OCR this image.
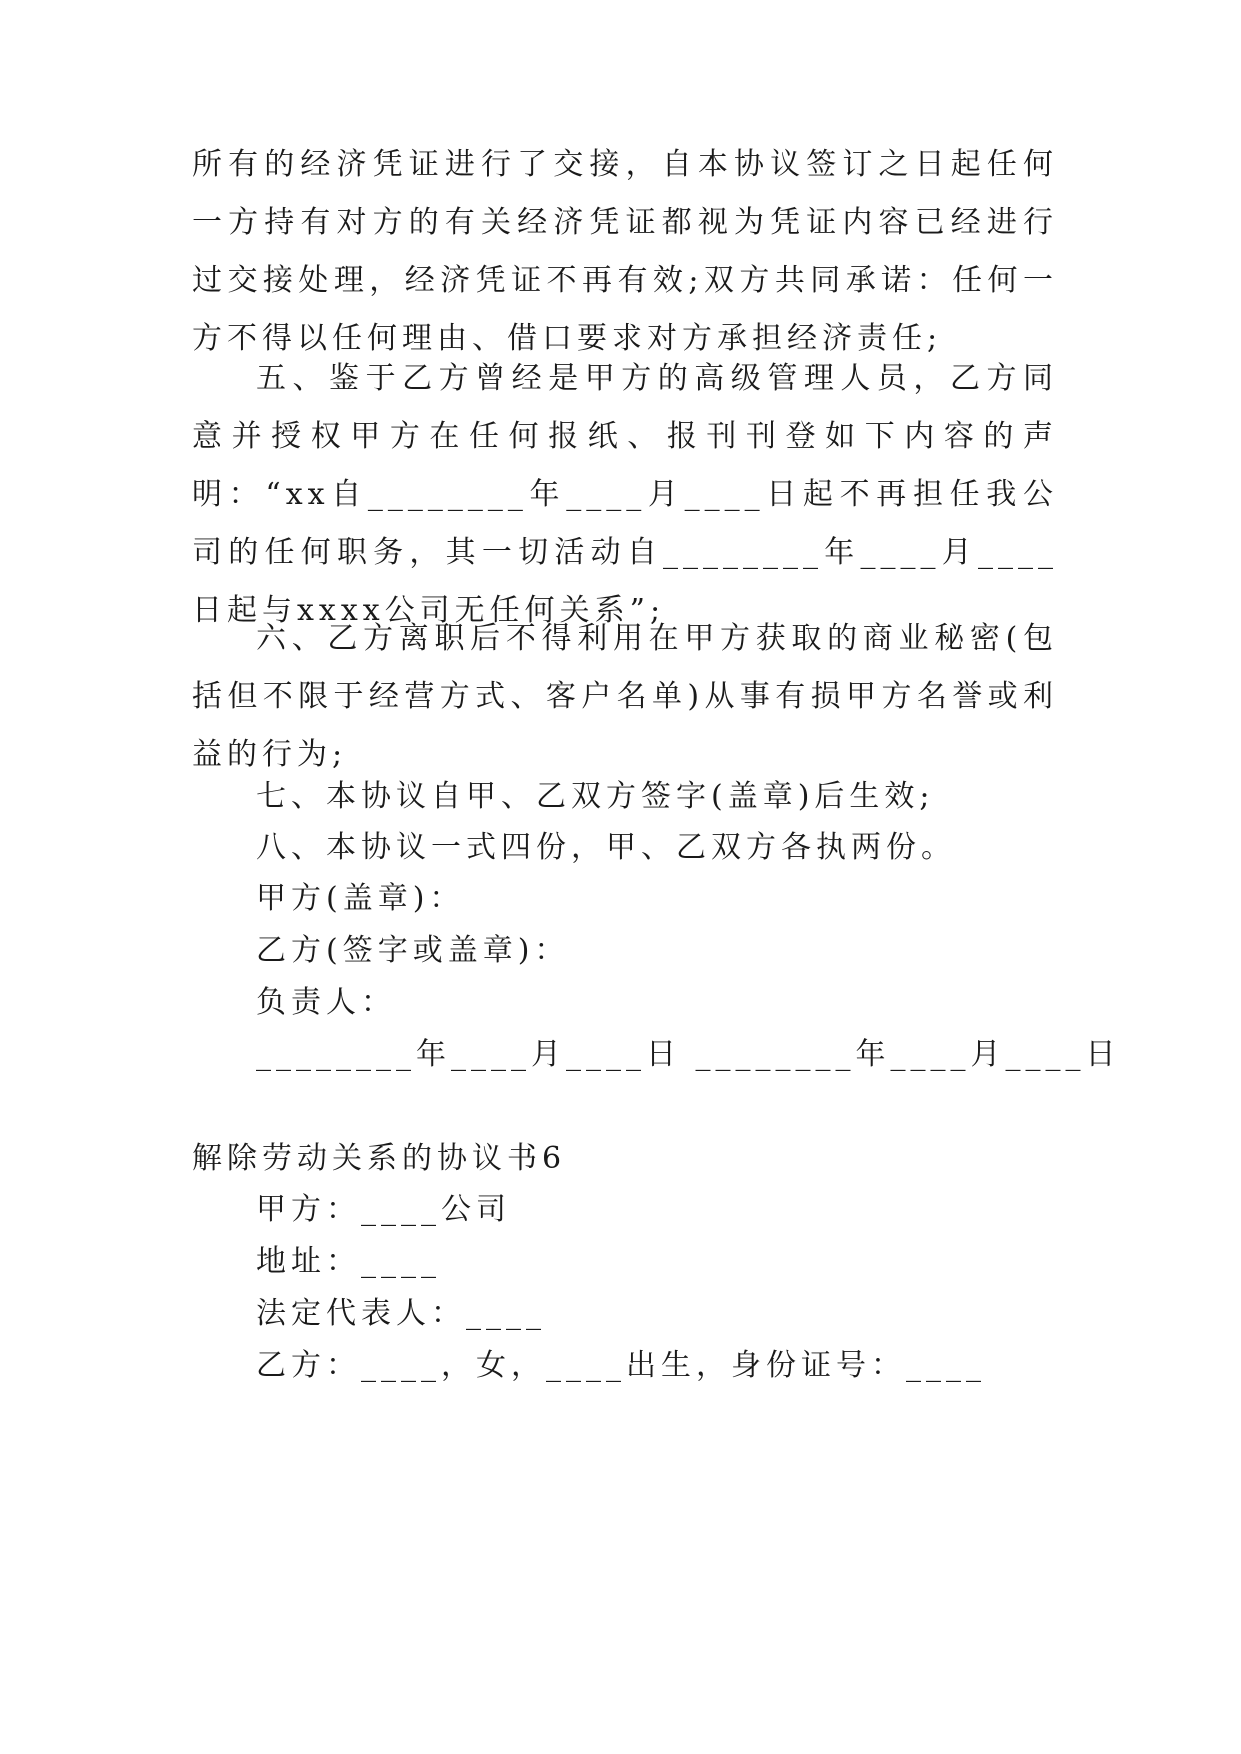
所有的经济凭证进行了交接，自本协议签订之日起任何一方持有对方的有关经济凭证都视为凭证内容已经进行过交接处理，经济凭证不再有效;双方共同承诺：任何一方不得以任何理由、借口要求对方承担经济责任;
五、鉴于乙方曾经是甲方的高级管理人员，乙方同意并授权甲方在任何报纸、报刊刊登如下内容的声明：“xx自________年____月____日起不再担任我公司的任何职务，其一切活动自________年____月____日起与xxxx公司无任何关系”;
六、乙方离职后不得利用在甲方获取的商业秘密(包括但不限于经营方式、客户名单)从事有损甲方名誉或利益的行为;
七、本协议自甲、乙双方签字(盖章)后生效;
八、本协议一式四份，甲、乙双方各执两份。
甲方(盖章)：
乙方(签字或盖章)：
负责人：
________年____月____日 ________年____月____日
解除劳动关系的协议书6
甲方：____公司
地址：____
法定代表人：____
乙方：____，女，____出生，身份证号：____
